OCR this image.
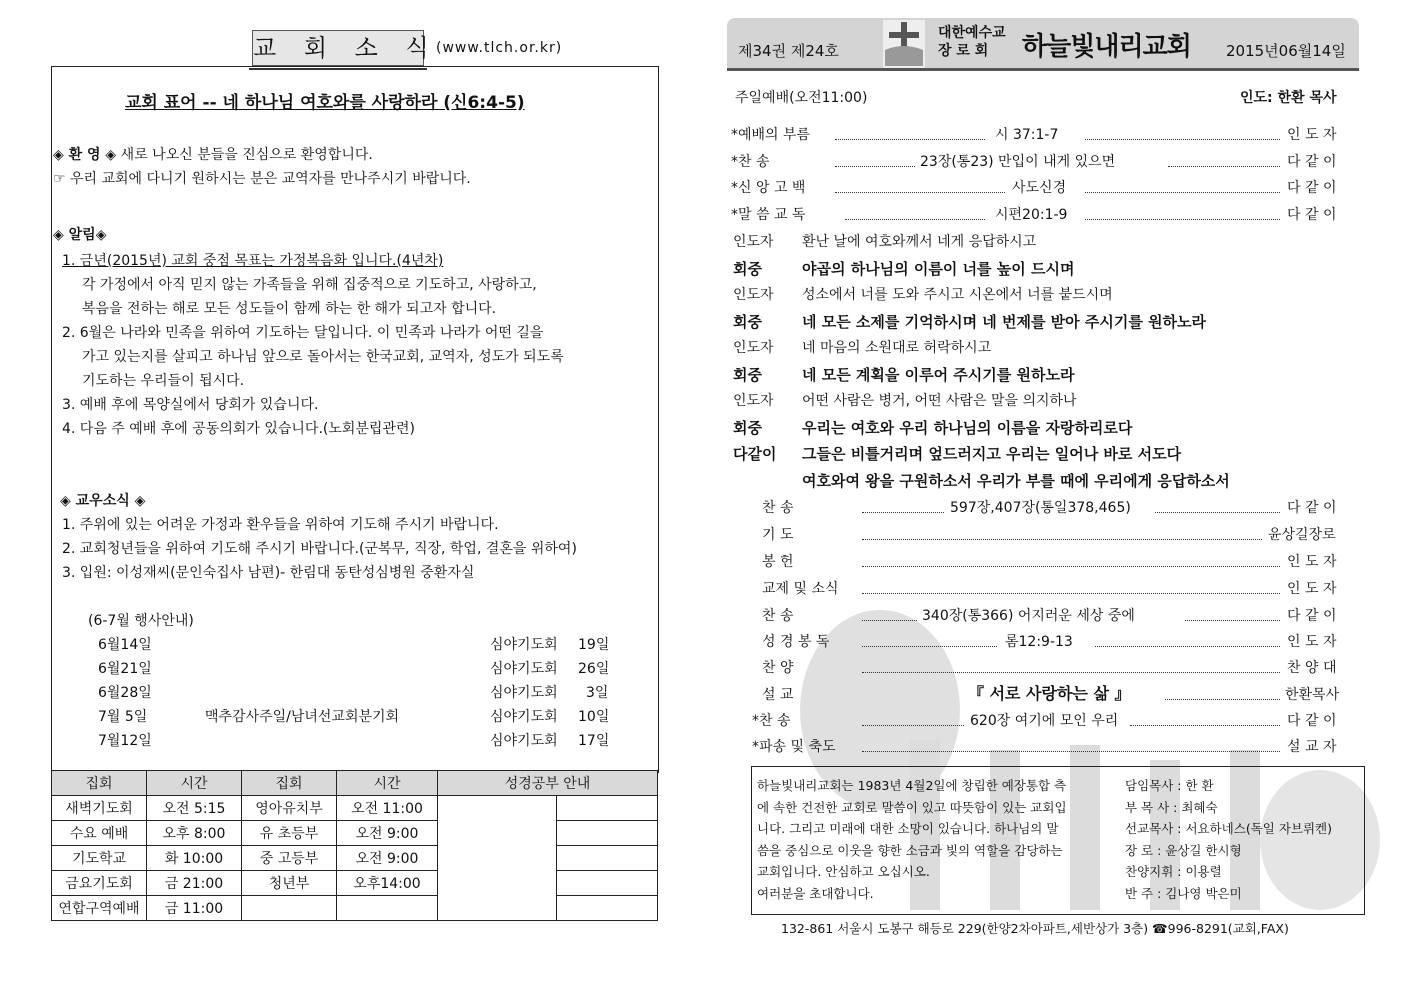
교 회 소 식
(www.tlch.or.kr)
교회 표어 -- 네 하나님 여호와를 사랑하라 (신6:4-5)
◈ 환 영 ◈ 새로 나오신 분들을 진심으로 환영합니다.
☞ 우리 교회에 다니기 원하시는 분은 교역자를 만나주시기 바랍니다.
◈ 알림◈
1. 금년(2015년) 교회 중점 목표는 가정복음화 입니다.(4년차)
각 가정에서 아직 믿지 않는 가족들을 위해 집중적으로 기도하고, 사랑하고,
복음을 전하는 해로 모든 성도들이 함께 하는 한 해가 되고자 합니다.
2. 6월은 나라와 민족을 위하여 기도하는 달입니다. 이 민족과 나라가 어떤 길을
가고 있는지를 살피고 하나님 앞으로 돌아서는 한국교회, 교역자, 성도가 되도록
기도하는 우리들이 됩시다.
3. 예배 후에 목양실에서 당회가 있습니다.
4. 다음 주 예배 후에 공동의회가 있습니다.(노회분립관련)
◈ 교우소식 ◈
1. 주위에 있는 어려운 가정과 환우들을 위하여 기도해 주시기 바랍니다.
2. 교회청년들을 위하여 기도해 주시기 바랍니다.(군복무, 직장, 학업, 결혼을 위하여)
3. 입원: 이성재씨(문인숙집사 남편)- 한림대 동탄성심병원 중환자실
(6-7월 행사안내)
6월14일	심야기도회 19일
6월21일	심야기도회 26일
6월28일	심야기도회 3일
7월 5일	맥추감사주일/남녀선교회분기회	심야기도회 10일
7월12일	심야기도회 17일
집회	시간	집회	시간	성경공부 안내	
새벽기도회	오전 5:15	영아유치부	오전 11:00		
수요 예배	오후 8:00	유 초등부	오전 9:00		
기도학교	화 10:00	중 고등부	오전 9:00		
금요기도회	금 21:00	청년부	오후14:00		
연합구역예배	금 11:00				
제34권 제24호
대한예수교
장 로 회	하늘빛내리교회 2015년06월14일
주일예배(오전11:00)	인도: 한환 목사
*예배의 부름	시 37:1-7	인 도 자
*찬 송	23장(통23) 만입이 내게 있으면	다 같 이
*신 앙 고 백	사도신경	다 같 이
*말 씀 교 독	시편20:1-9	다 같 이
인도자 환난 날에 여호와께서 네게 응답하시고
회중	야곱의 하나님의 이름이 너를 높이 드시며
인도자 성소에서 너를 도와 주시고 시온에서 너를 붙드시며
회중	네 모든 소제를 기억하시며 네 번제를 받아 주시기를 원하노라
인도자 네 마음의 소원대로 허락하시고
회중	네 모든 계획을 이루어 주시기를 원하노라
인도자 어떤 사람은 병거, 어떤 사람은 말을 의지하나
회중	우리는 여호와 우리 하나님의 이름을 자랑하리로다
다같이 그들은 비틀거리며 엎드러지고 우리는 일어나 바로 서도다
여호와여 왕을 구원하소서 우리가 부를 때에 우리에게 응답하소서
찬 송	597장,407장(통일378,465)	다 같 이
기 도	윤상길장로
봉 헌	인 도 자
교제 및 소식	인 도 자
찬 송	340장(통366) 어지러운 세상 중에	다 같 이
성 경 봉 독	롬12:9-13	인 도 자
찬 양	찬 양 대
설 교	『 서로 사랑하는 삶 』	한환목사
*찬 송	620장 여기에 모인 우리	다 같 이
*파송 및 축도	설 교 자
하늘빛내리교회는 1983년 4월2일에 창립한 예장통합 측
에 속한 건전한 교회로 말씀이 있고 따뜻함이 있는 교회입
니다. 그리고 미래에 대한 소망이 있습니다. 하나님의 말
씀을 중심으로 이웃을 향한 소금과 빛의 역할을 감당하는
교회입니다. 안심하고 오십시오.
여러분을 초대합니다.
담임목사 : 한 환
부 목 사 : 최혜숙
선교목사 : 서요하네스(독일 자브뤼켄)
장 로 : 윤상길 한시형
찬양지휘 : 이용렬
반 주 : 김나영 박은미
132-861 서울시 도봉구 해등로 229(한양2차아파트,세반상가 3층) ☎996-8291(교회,FAX)
